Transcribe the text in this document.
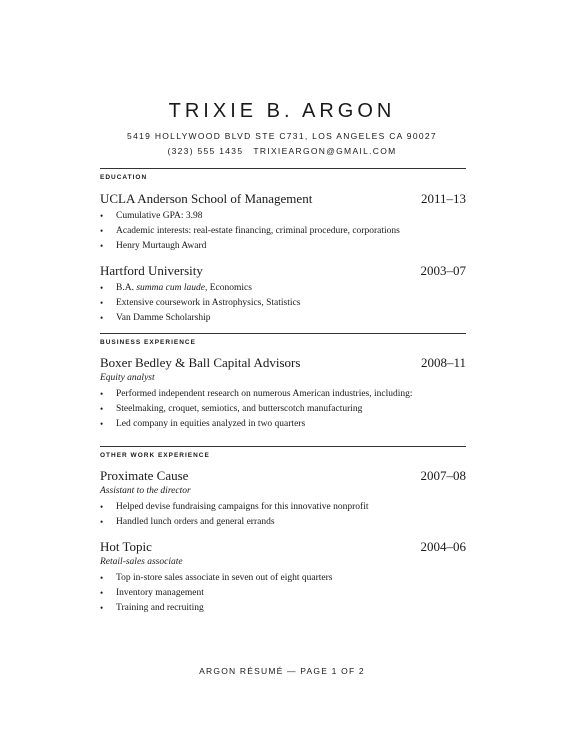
TRIXIE B. ARGON
5419 HOLLYWOOD BLVD STE C731, LOS ANGELES CA 90027
(323) 555 1435 TRIXIEARGON@GMAIL.COM
EDUCATION
UCLA Anderson School of Management	2011–13
• Cumulative GPA: 3.98
• Academic interests: real-estate financing, criminal procedure, corporations
• Henry Murtaugh Award
Hartford University	2003–07
• B.A. summa cum laude, Economics
• Extensive coursework in Astrophysics, Statistics
• Van Damme Scholarship
BUSINESS EXPERIENCE
Boxer Bedley & Ball Capital Advisors	2008–11
Equity analyst
• Performed independent research on numerous American industries, including:
• Steelmaking, croquet, semiotics, and butterscotch manufacturing
• Led company in equities analyzed in two quarters
OTHER WORK EXPERIENCE
Proximate Cause	2007–08
Assistant to the director
• Helped devise fundraising campaigns for this innovative nonprofit
• Handled lunch orders and general errands
Hot Topic	2004–06
Retail-sales associate
• Top in-store sales associate in seven out of eight quarters
• Inventory management
• Training and recruiting
ARGON RÉSUMÉ — PAGE 1 OF 2
